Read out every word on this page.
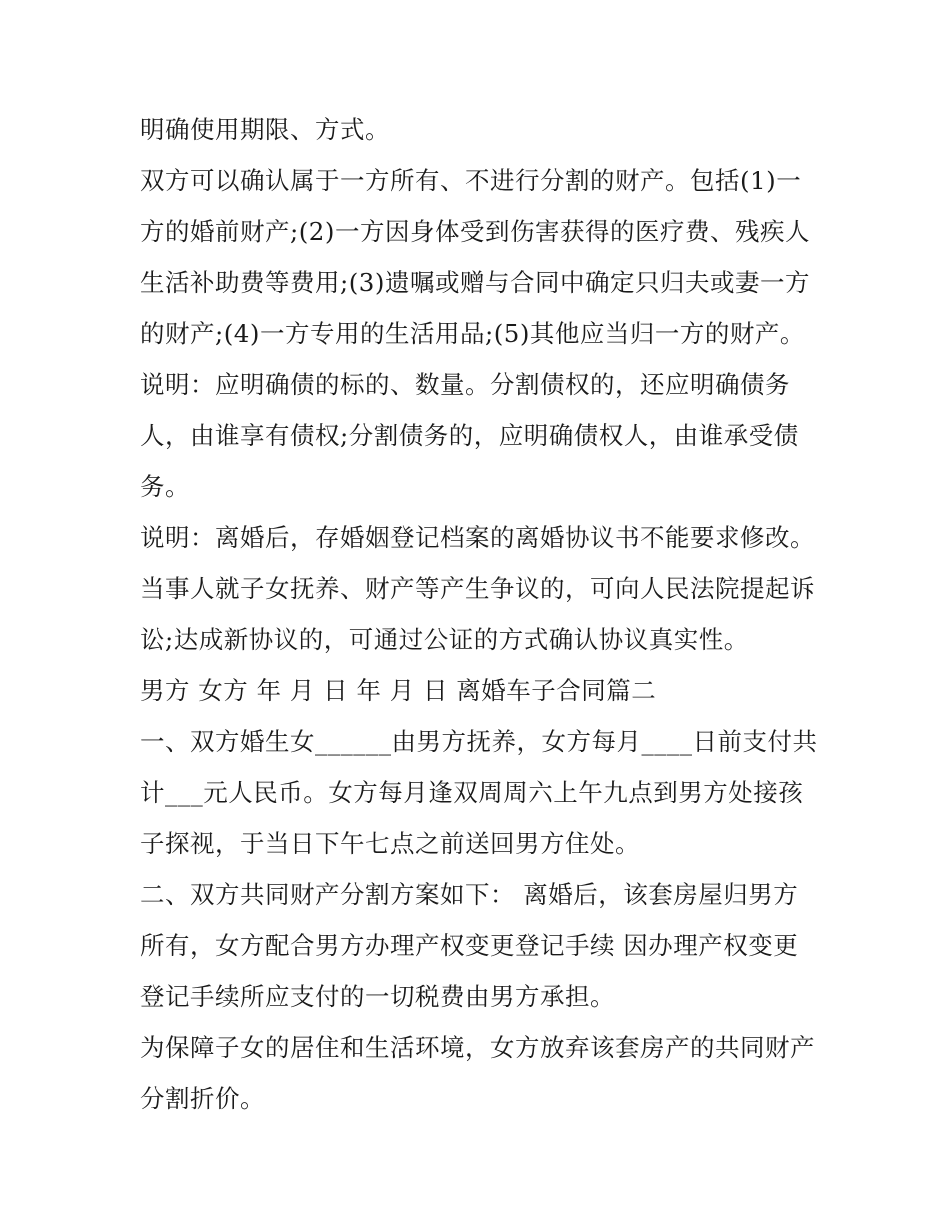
明确使用期限、方式。

双方可以确认属于一方所有、不进行分割的财产。包括(1)一方的婚前财产;(2)一方因身体受到伤害获得的医疗费、残疾人生活补助费等费用;(3)遗嘱或赠与合同中确定只归夫或妻一方的财产;(4)一方专用的生活用品;(5)其他应当归一方的财产。

说明：应明确债的标的、数量。分割债权的，还应明确债务人，由谁享有债权;分割债务的，应明确债权人，由谁承受债务。

说明：离婚后，存婚姻登记档案的离婚协议书不能要求修改。当事人就子女抚养、财产等产生争议的，可向人民法院提起诉讼;达成新协议的，可通过公证的方式确认协议真实性。

男方 女方 年 月 日 年 月 日 离婚车子合同篇二

一、双方婚生女______由男方抚养，女方每月____日前支付共计___元人民币。女方每月逢双周周六上午九点到男方处接孩子探视，于当日下午七点之前送回男方住处。

二、双方共同财产分割方案如下： 离婚后，该套房屋归男方所有，女方配合男方办理产权变更登记手续 因办理产权变更登记手续所应支付的一切税费由男方承担。

为保障子女的居住和生活环境，女方放弃该套房产的共同财产分割折价。
